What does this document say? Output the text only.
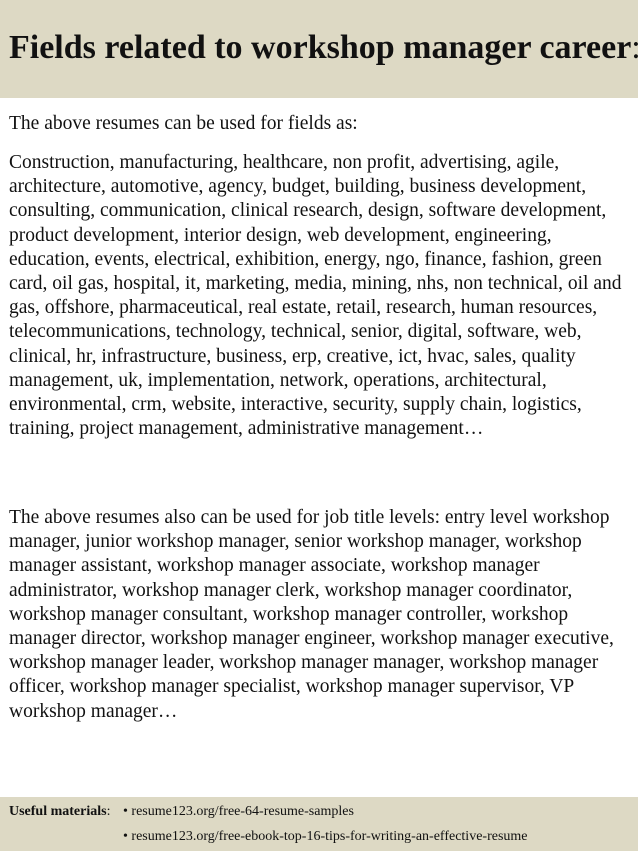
Fields related to workshop manager career:

The above resumes can be used for fields as:

Construction, manufacturing, healthcare, non profit, advertising, agile, architecture, automotive, agency, budget, building, business development, consulting, communication, clinical research, design, software development, product development, interior design, web development, engineering, education, events, electrical, exhibition, energy, ngo, finance, fashion, green card, oil gas, hospital, it, marketing, media, mining, nhs, non technical, oil and gas, offshore, pharmaceutical, real estate, retail, research, human resources, telecommunications, technology, technical, senior, digital, software, web, clinical, hr, infrastructure, business, erp, creative, ict, hvac, sales, quality management, uk, implementation, network, operations, architectural, environmental, crm, website, interactive, security, supply chain, logistics, training, project management, administrative management…

The above resumes also can be used for job title levels: entry level workshop manager, junior workshop manager, senior workshop manager, workshop manager assistant, workshop manager associate, workshop manager administrator, workshop manager clerk, workshop manager coordinator, workshop manager consultant, workshop manager controller, workshop manager director, workshop manager engineer, workshop manager executive, workshop manager leader, workshop manager manager, workshop manager officer, workshop manager specialist, workshop manager supervisor, VP workshop manager…

Useful materials: • resume123.org/free-64-resume-samples
• resume123.org/free-ebook-top-16-tips-for-writing-an-effective-resume
